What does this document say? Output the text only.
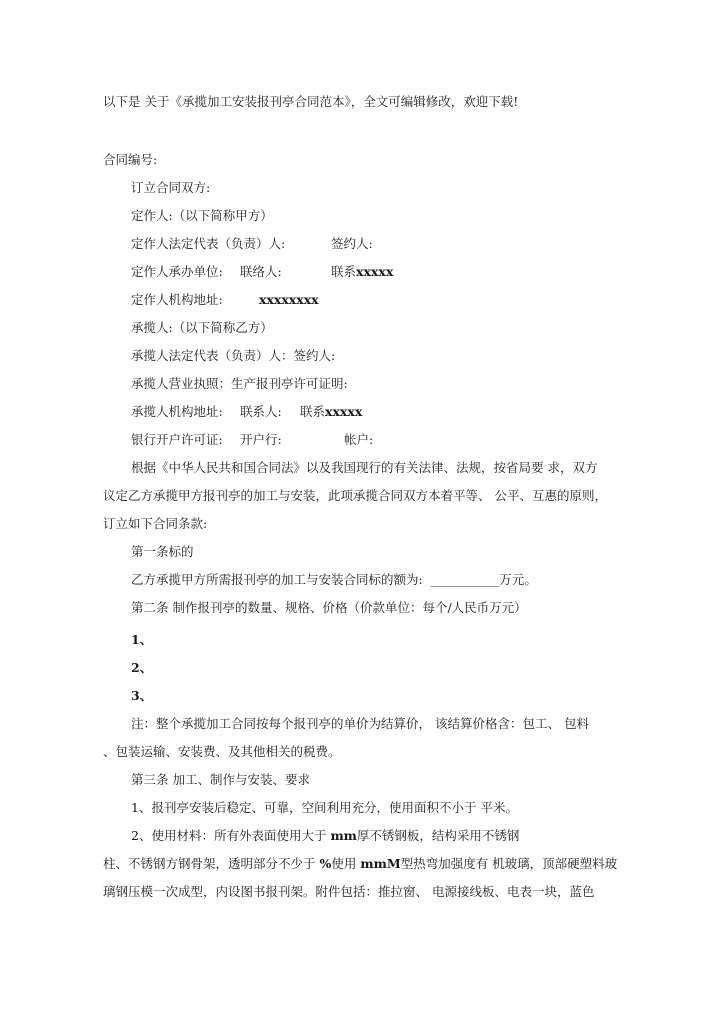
以下是 关于《承揽加工安装报刊亭合同范本》，全文可编辑修改，欢迎下载!
合同编号:
订立合同双方:
定作人:（以下简称甲方）
定作人法定代表（负责）人:	签约人:
定作人承办单位: 联络人:	联系xxxxx
定作人机构地址:	xxxxxxxx
承揽人:（以下简称乙方）
承揽人法定代表（负责）人：签约人:
承揽人营业执照：生产报刊亭许可证明:
承揽人机构地址: 联系人: 联系xxxxx
银行开户许可证: 开户行:	帐户:
根据《中华人民共和国合同法》以及我国现行的有关法律、法规，按省局要 求，双方
议定乙方承揽甲方报刊亭的加工与安装，此项承揽合同双方本着平等、 公平、互惠的原则，
订立如下合同条款:
第一条标的
乙方承揽甲方所需报刊亭的加工与安装合同标的额为: ___________万元。
第二条 制作报刊亭的数量、规格、价格（价款单位：每个/人民币万元）
1、
2、
3、
注：整个承揽加工合同按每个报刊亭的单价为结算价， 该结算价格含：包工、 包料
、包装运输、安装费、及其他相关的税费。
第三条 加工、制作与安装、要求
1、报刊亭安装后稳定、可靠，空间利用充分，使用面积不小于 平米。
2、使用材料：所有外表面使用大于 mm厚不锈钢板，结构采用不锈钢
柱、不锈钢方钢骨架，透明部分不少于 %使用 mmM型热弯加强度有 机玻璃，顶部硬塑料玻
璃钢压模一次成型，内设图书报刊架。附件包括：推拉窗、 电源接线板、电表一块，蓝色
